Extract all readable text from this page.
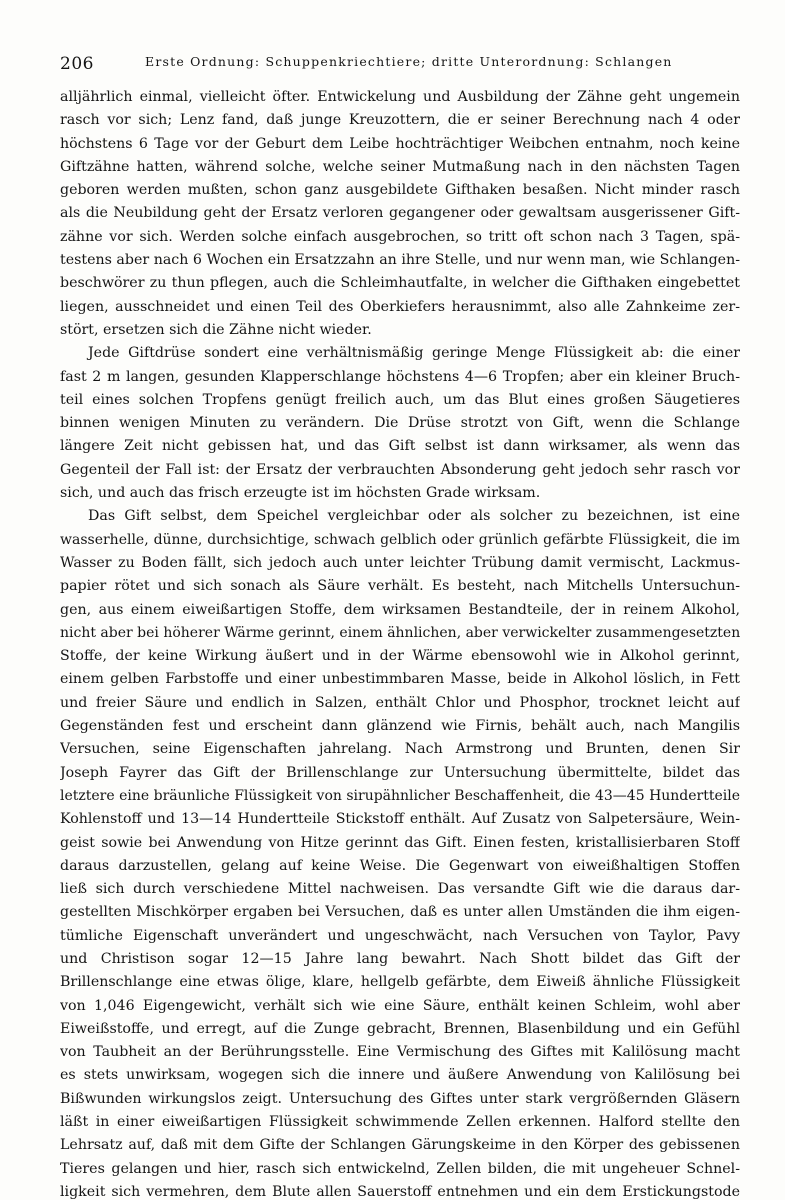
206	Erste Ordnung: Schuppenkriechtiere; dritte Unterordnung: Schlangen
alljährlich einmal, vielleicht öfter. Entwickelung und Ausbildung der Zähne geht ungemein
rasch vor sich; Lenz fand, daß junge Kreuzottern, die er seiner Berechnung nach 4 oder
höchstens 6 Tage vor der Geburt dem Leibe hochträchtiger Weibchen entnahm, noch keine
Giftzähne hatten, während solche, welche seiner Mutmaßung nach in den nächsten Tagen
geboren werden mußten, schon ganz ausgebildete Gifthaken besaßen. Nicht minder rasch
als die Neubildung geht der Ersatz verloren gegangener oder gewaltsam ausgerissener Gift-
zähne vor sich. Werden solche einfach ausgebrochen, so tritt oft schon nach 3 Tagen, spä-
testens aber nach 6 Wochen ein Ersatzzahn an ihre Stelle, und nur wenn man, wie Schlangen-
beschwörer zu thun pflegen, auch die Schleimhautfalte, in welcher die Gifthaken eingebettet
liegen, ausschneidet und einen Teil des Oberkiefers herausnimmt, also alle Zahnkeime zer-
stört, ersetzen sich die Zähne nicht wieder.
Jede Giftdrüse sondert eine verhältnismäßig geringe Menge Flüssigkeit ab: die einer
fast 2 m langen, gesunden Klapperschlange höchstens 4—6 Tropfen; aber ein kleiner Bruch-
teil eines solchen Tropfens genügt freilich auch, um das Blut eines großen Säugetieres
binnen wenigen Minuten zu verändern. Die Drüse strotzt von Gift, wenn die Schlange
längere Zeit nicht gebissen hat, und das Gift selbst ist dann wirksamer, als wenn das
Gegenteil der Fall ist: der Ersatz der verbrauchten Absonderung geht jedoch sehr rasch vor
sich, und auch das frisch erzeugte ist im höchsten Grade wirksam.
Das Gift selbst, dem Speichel vergleichbar oder als solcher zu bezeichnen, ist eine
wasserhelle, dünne, durchsichtige, schwach gelblich oder grünlich gefärbte Flüssigkeit, die im
Wasser zu Boden fällt, sich jedoch auch unter leichter Trübung damit vermischt, Lackmus-
papier rötet und sich sonach als Säure verhält. Es besteht, nach Mitchells Untersuchun-
gen, aus einem eiweißartigen Stoffe, dem wirksamen Bestandteile, der in reinem Alkohol,
nicht aber bei höherer Wärme gerinnt, einem ähnlichen, aber verwickelter zusammengesetzten
Stoffe, der keine Wirkung äußert und in der Wärme ebensowohl wie in Alkohol gerinnt,
einem gelben Farbstoffe und einer unbestimmbaren Masse, beide in Alkohol löslich, in Fett
und freier Säure und endlich in Salzen, enthält Chlor und Phosphor, trocknet leicht auf
Gegenständen fest und erscheint dann glänzend wie Firnis, behält auch, nach Mangilis
Versuchen, seine Eigenschaften jahrelang. Nach Armstrong und Brunten, denen Sir
Joseph Fayrer das Gift der Brillenschlange zur Untersuchung übermittelte, bildet das
letztere eine bräunliche Flüssigkeit von sirupähnlicher Beschaffenheit, die 43—45 Hundertteile
Kohlenstoff und 13—14 Hundertteile Stickstoff enthält. Auf Zusatz von Salpetersäure, Wein-
geist sowie bei Anwendung von Hitze gerinnt das Gift. Einen festen, kristallisierbaren Stoff
daraus darzustellen, gelang auf keine Weise. Die Gegenwart von eiweißhaltigen Stoffen
ließ sich durch verschiedene Mittel nachweisen. Das versandte Gift wie die daraus dar-
gestellten Mischkörper ergaben bei Versuchen, daß es unter allen Umständen die ihm eigen-
tümliche Eigenschaft unverändert und ungeschwächt, nach Versuchen von Taylor, Pavy
und Christison sogar 12—15 Jahre lang bewahrt. Nach Shott bildet das Gift der
Brillenschlange eine etwas ölige, klare, hellgelb gefärbte, dem Eiweiß ähnliche Flüssigkeit
von 1,046 Eigengewicht, verhält sich wie eine Säure, enthält keinen Schleim, wohl aber
Eiweißstoffe, und erregt, auf die Zunge gebracht, Brennen, Blasenbildung und ein Gefühl
von Taubheit an der Berührungsstelle. Eine Vermischung des Giftes mit Kalilösung macht
es stets unwirksam, wogegen sich die innere und äußere Anwendung von Kalilösung bei
Bißwunden wirkungslos zeigt. Untersuchung des Giftes unter stark vergrößernden Gläsern
läßt in einer eiweißartigen Flüssigkeit schwimmende Zellen erkennen. Halford stellte den
Lehrsatz auf, daß mit dem Gifte der Schlangen Gärungskeime in den Körper des gebissenen
Tieres gelangen und hier, rasch sich entwickelnd, Zellen bilden, die mit ungeheuer Schnel-
ligkeit sich vermehren, dem Blute allen Sauerstoff entnehmen und ein dem Erstickungstode
